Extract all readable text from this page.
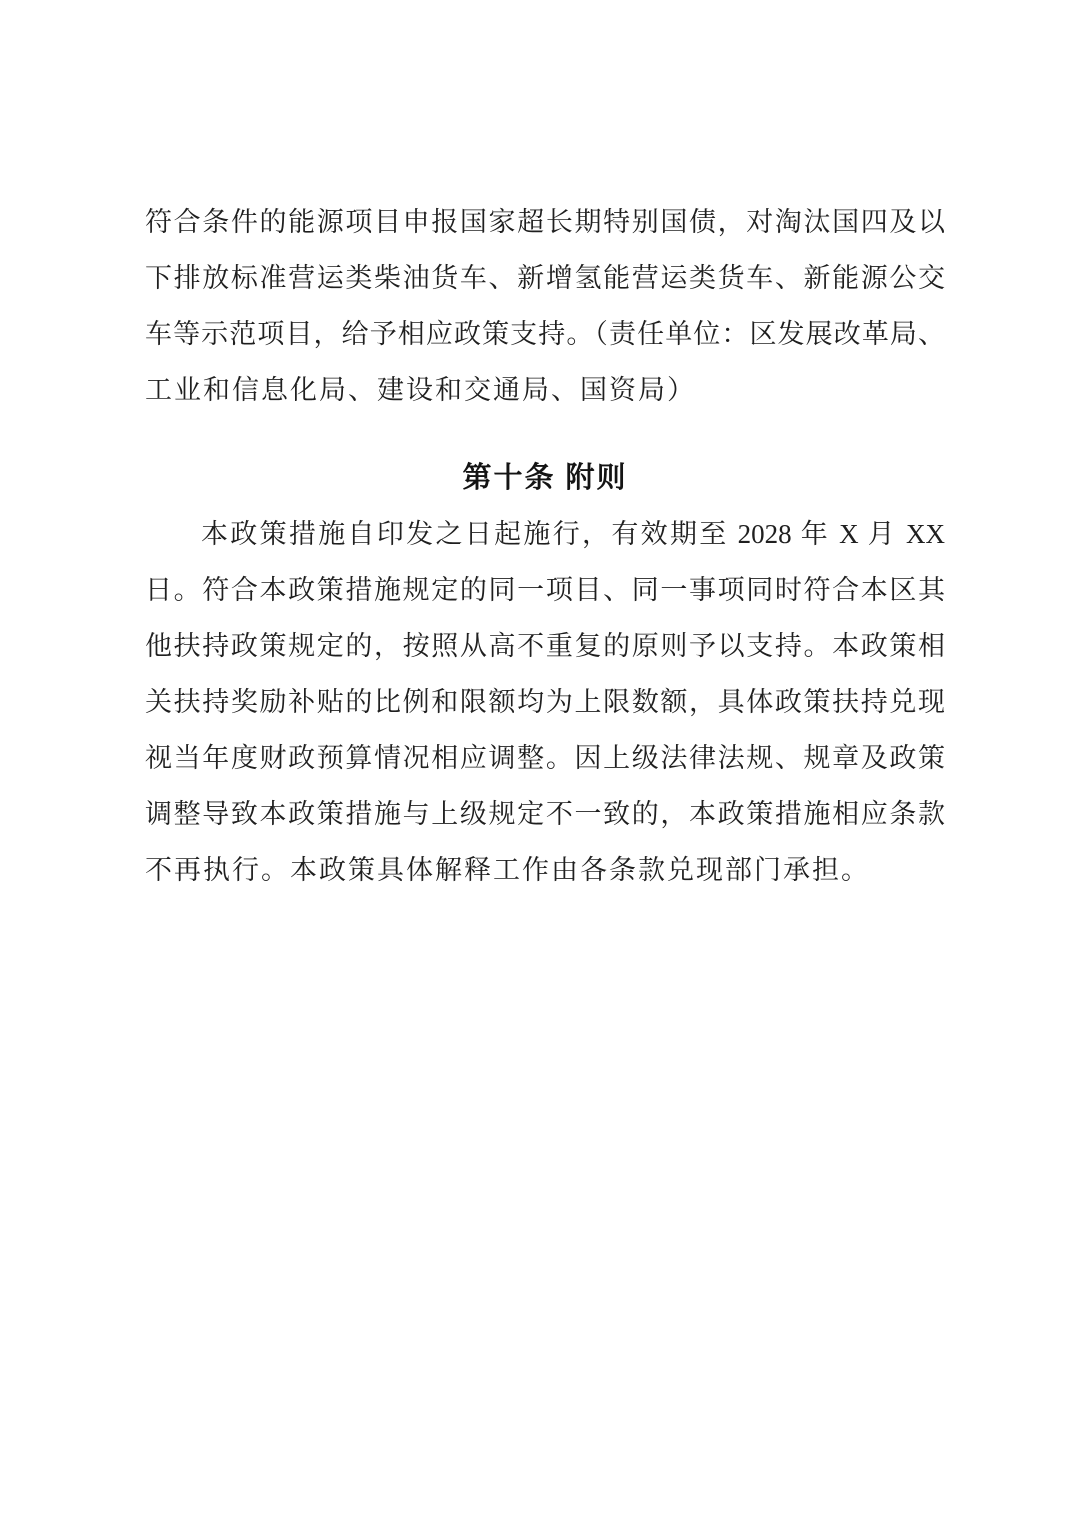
符合条件的能源项目申报国家超长期特别国债，对淘汰国四及以
下排放标准营运类柴油货车、新增氢能营运类货车、新能源公交
车等示范项目，给予相应政策支持。（责任单位：区发展改革局、
工业和信息化局、建设和交通局、国资局）
第十条 附则
本政策措施自印发之日起施行，有效期至 2028 年 X 月 XX
日。符合本政策措施规定的同一项目、同一事项同时符合本区其
他扶持政策规定的，按照从高不重复的原则予以支持。本政策相
关扶持奖励补贴的比例和限额均为上限数额，具体政策扶持兑现
视当年度财政预算情况相应调整。因上级法律法规、规章及政策
调整导致本政策措施与上级规定不一致的，本政策措施相应条款
不再执行。本政策具体解释工作由各条款兑现部门承担。
